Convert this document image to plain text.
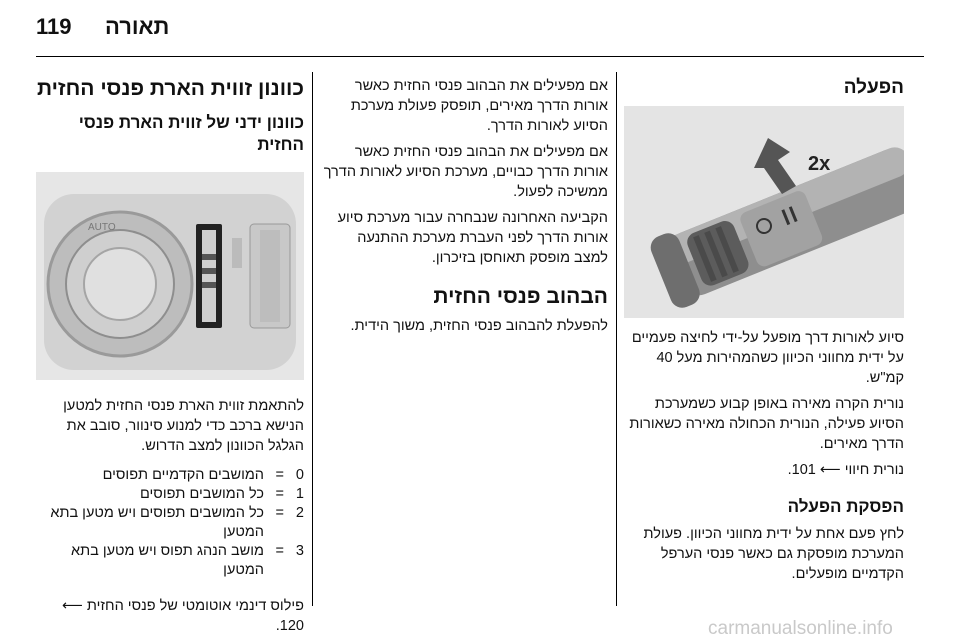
119 תאורה
הפעלה
2x

סיוע לאורות דרך מופעל על-ידי לחיצה פעמיים על ידית מחווני הכיוון כשהמהירות מעל 40 קמ"ש.

נורית הקרה מאירה באופן קבוע כשמערכת הסיוע פעילה, הנורית הכחולה מאירה כשאורות הדרך מאירים.

נורית חיווי ⟵ 101.

הפסקת הפעלה

לחץ פעם אחת על ידית מחווני הכיוון. פעולת המערכת מופסקת גם כאשר פנסי הערפל הקדמיים מופעלים.

אם מפעילים את הבהוב פנסי החזית כאשר אורות הדרך מאירים, תופסק פעולת מערכת הסיוע לאורות הדרך.

אם מפעילים את הבהוב פנסי החזית כאשר אורות הדרך כבויים, מערכת הסיוע לאורות הדרך ממשיכה לפעול.

הקביעה האחרונה שנבחרה עבור מערכת סיוע אורות הדרך לפני העברת מערכת ההתנעה למצב מופסק תאוחסן בזיכרון.

הבהוב פנסי החזית

להפעלת להבהוב פנסי החזית, משוך הידית.

כוונון זווית הארת פנסי החזית
כוונון ידני של זווית הארת פנסי החזית
AUTO

להתאמת זווית הארת פנסי החזית למטען הנישא ברכב כדי למנוע סינוור, סובב את הגלגל הכוונון למצב הדרוש.

0	=	המושבים הקדמיים תפוסים
1	=	כל המושבים תפוסים
2	=	כל המושבים תפוסים ויש מטען בתא המטען
3	=	מושב הנהג תפוס ויש מטען בתא המטען

פילוס דינמי אוטומטי של פנסי החזית ⟵ 120.	carmanualsonline.info
